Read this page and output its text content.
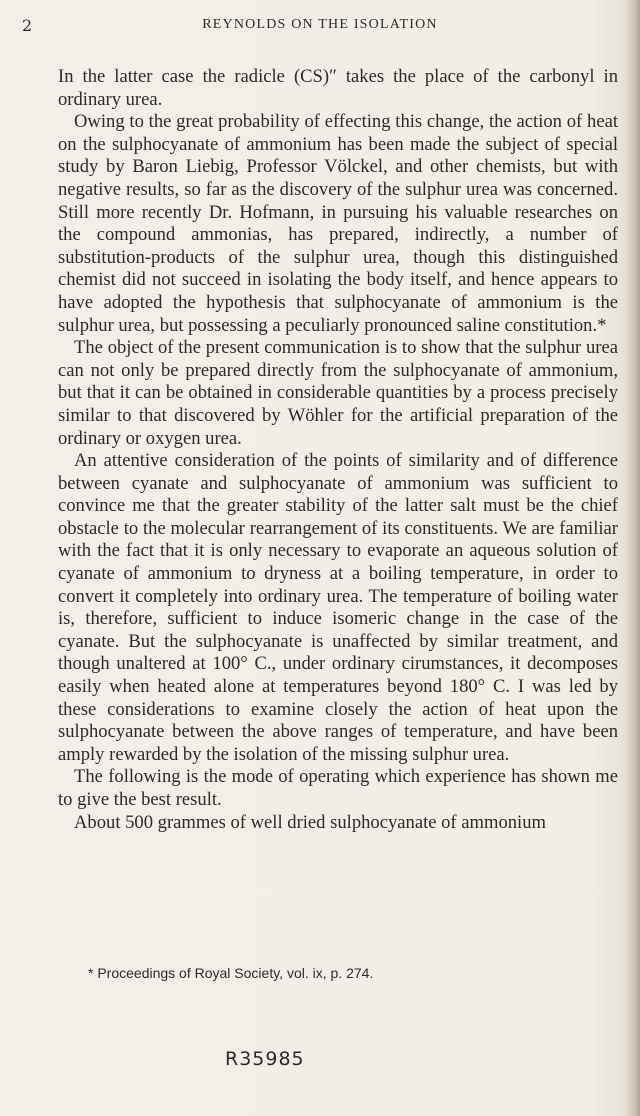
2	REYNOLDS ON THE ISOLATION

In the latter case the radicle (CS)″ takes the place of the carbonyl in ordinary urea.

Owing to the great probability of effecting this change, the action of heat on the sulphocyanate of ammonium has been made the subject of special study by Baron Liebig, Professor Völckel, and other chemists, but with negative results, so far as the discovery of the sulphur urea was concerned. Still more recently Dr. Hofmann, in pursuing his valuable researches on the compound ammonias, has prepared, indirectly, a number of substitution-products of the sulphur urea, though this distinguished chemist did not succeed in isolating the body itself, and hence appears to have adopted the hypothesis that sulphocyanate of ammonium is the sulphur urea, but possessing a peculiarly pronounced saline constitution.*

The object of the present communication is to show that the sulphur urea can not only be prepared directly from the sulphocyanate of ammonium, but that it can be obtained in considerable quantities by a process precisely similar to that discovered by Wöhler for the artificial preparation of the ordinary or oxygen urea.

An attentive consideration of the points of similarity and of difference between cyanate and sulphocyanate of ammonium was sufficient to convince me that the greater stability of the latter salt must be the chief obstacle to the molecular rearrangement of its constituents. We are familiar with the fact that it is only necessary to evaporate an aqueous solution of cyanate of ammonium to dryness at a boiling temperature, in order to convert it completely into ordinary urea. The temperature of boiling water is, therefore, sufficient to induce isomeric change in the case of the cyanate. But the sulphocyanate is unaffected by similar treatment, and though unaltered at 100° C., under ordinary cirumstances, it decomposes easily when heated alone at temperatures beyond 180° C. I was led by these considerations to examine closely the action of heat upon the sulphocyanate between the above ranges of temperature, and have been amply rewarded by the isolation of the missing sulphur urea.

The following is the mode of operating which experience has shown me to give the best result.

About 500 grammes of well dried sulphocyanate of ammonium

* Proceedings of Royal Society, vol. ix, p. 274.
R35985
